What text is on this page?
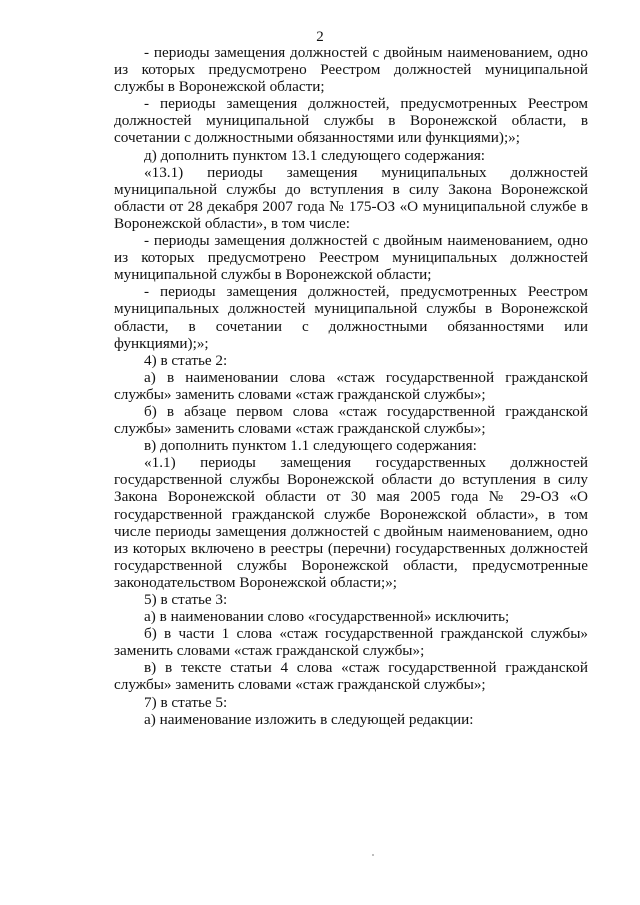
2

- периоды замещения должностей с двойным наименованием, одно из которых предусмотрено Реестром должностей муниципальной службы в Воронежской области;

- периоды замещения должностей, предусмотренных Реестром должностей муниципальной службы в Воронежской области, в сочетании с должностными обязанностями или функциями);»;

д) дополнить пунктом 13.1 следующего содержания:

«13.1) периоды замещения муниципальных должностей муниципальной службы до вступления в силу Закона Воронежской области от 28 декабря 2007 года № 175-ОЗ «О муниципальной службе в Воронежской области», в том числе:

- периоды замещения должностей с двойным наименованием, одно из которых предусмотрено Реестром муниципальных должностей муниципальной службы в Воронежской области;

- периоды замещения должностей, предусмотренных Реестром муниципальных должностей муниципальной службы в Воронежской области, в сочетании с должностными обязанностями или функциями);»;

4) в статье 2:

а) в наименовании слова «стаж государственной гражданской службы» заменить словами «стаж гражданской службы»;

б) в абзаце первом слова «стаж государственной гражданской службы» заменить словами «стаж гражданской службы»;

в) дополнить пунктом 1.1 следующего содержания:

«1.1) периоды замещения государственных должностей государственной службы Воронежской области до вступления в силу Закона Воронежской области от 30 мая 2005 года № 29-ОЗ «О государственной гражданской службе Воронежской области», в том числе периоды замещения должностей с двойным наименованием, одно из которых включено в реестры (перечни) государственных должностей государственной службы Воронежской области, предусмотренные законодательством Воронежской области;»;

5) в статье 3:

а) в наименовании слово «государственной» исключить;

б) в части 1 слова «стаж государственной гражданской службы» заменить словами «стаж гражданской службы»;

в) в тексте статьи 4 слова «стаж государственной гражданской службы» заменить словами «стаж гражданской службы»;

7) в статье 5:

а) наименование изложить в следующей редакции:
